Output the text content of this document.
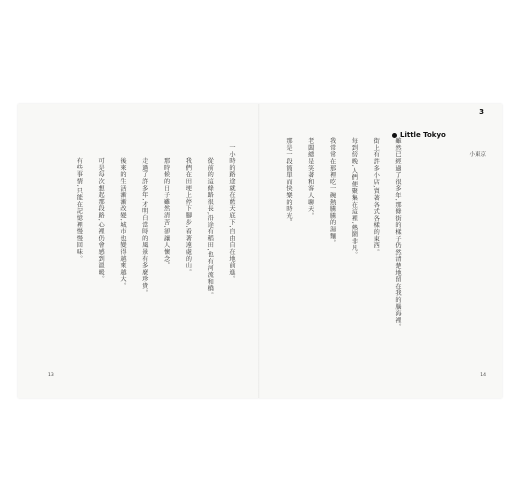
一小時的路途就在藍天底下,自由自在地前進。

　　從前的這條路很長,沿途有稻田,也有河流和橋。

　　我們在田埂上停下腳步,看著遠處的山。

　　那時候的日子雖然清苦,卻讓人懷念。

　　走過了許多年,才明白當時的風景有多麼珍貴。

　　後來的生活漸漸改變,城市也變得越來越大。

　　可是每次想起那段路,心裡仍會感到溫暖。

　　有些事情,只能在記憶裡慢慢回味。
13
3
Little Tokyo
小東京
　　雖然已經過了很多年,那條街的樣子仍然清楚地留在我的腦海裡。

　　街上有許多小店,賣著各式各樣的東西。

　　每到傍晚,人們便聚集在這裡,熱鬧非凡。

　　我常常在那裡吃一碗熱騰騰的湯麵。

　　老闆總是笑著和客人聊天。

　　那是一段簡單而快樂的時光。
14
